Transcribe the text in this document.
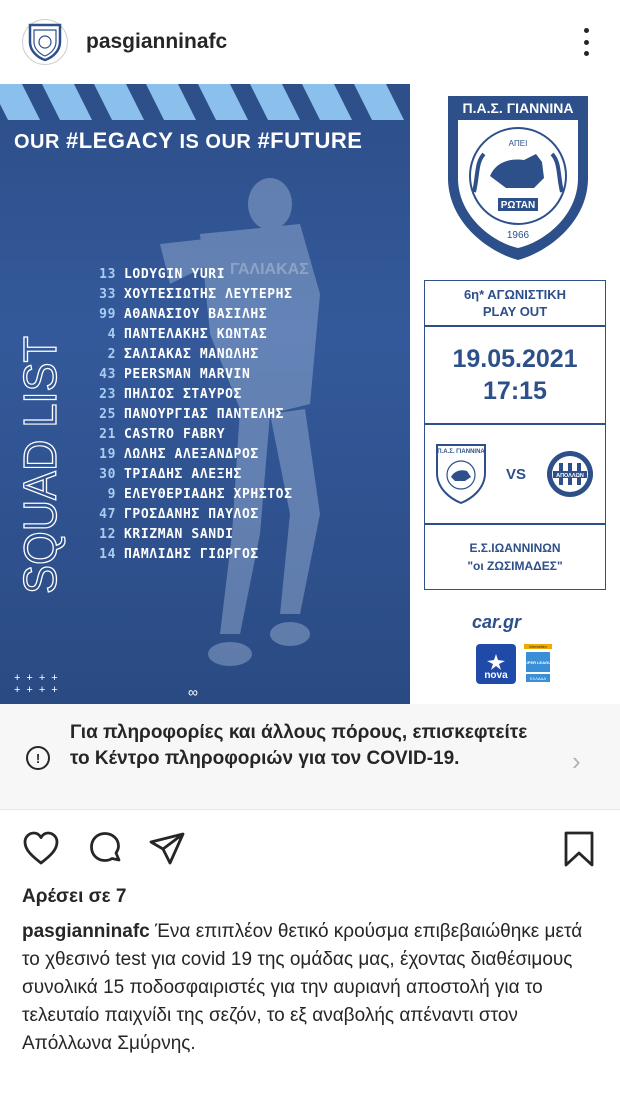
pasgianninafc
OUR #LEGACY IS OUR #FUTURE
ΓΑΛΙΑΚΑΣ
SQUAD LIST
13 LODYGIN YURI
33 ΧΟΥΤΕΣΙΩΤΗΣ ΛΕΥΤΕΡΗΣ
99 ΑΘΑΝΑΣΙΟΥ ΒΑΣΙΛΗΣ
4 ΠΑΝΤΕΛΑΚΗΣ ΚΩΝΤΑΣ
2 ΣΑΛΙΑΚΑΣ ΜΑΝΩΛΗΣ
43 PEERSMAN MARVIN
23 ΠΗΛΙΟΣ ΣΤΑΥΡΟΣ
25 ΠΑΝΟΥΡΓΙΑΣ ΠΑΝΤΕΛΗΣ
21 CASTRO FABRY
19 ΛΩΛΗΣ ΑΛΕΞΑΝΔΡΟΣ
30 ΤΡΙΑΔΗΣ ΑΛΕΞΗΣ
9 ΕΛΕΥΘΕΡΙΑΔΗΣ ΧΡΗΣΤΟΣ
47 ΓΡΟΣΔΑΝΗΣ ΠΑΥΛΟΣ
12 KRIZMAN SANDI
14 ΠΑΜΛΙΔΗΣ ΓΙΩΡΓΟΣ
++++
++++	∞
Π.Α.Σ. ΓΙΑΝΝΙΝΑ
ΑΠΕΙ
ΡΩΤΑΝ
1966
6η* ΑΓΩΝΙΣΤΙΚΗ
PLAY OUT
19.05.2021
17:15
Π.Α.Σ. ΓΙΑΝΝΙΝΑ
VS	ΑΠΟΛΛΩΝ
Ε.Σ.ΙΩΑΝΝΙΝΩΝ
"οι ΖΩΣΙΜΑΔΕΣ"
car.gr
nova
Interwetten
SUPER LEAGUE
ΕΛΛΑΔΑ
!
Για πληροφορίες και άλλους πόρους, επισκεφτείτε το Κέντρο πληροφοριών για τον COVID-19.	›
Αρέσει σε 7
pasgianninafc Ένα επιπλέον θετικό κρούσμα επιβεβαιώθηκε μετά το χθεσινό test για covid 19 της ομάδας μας, έχοντας διαθέσιμους συνολικά 15 ποδοσφαιριστές για την αυριανή αποστολή για το τελευταίο παιχνίδι της σεζόν, το εξ αναβολής απέναντι στον Απόλλωνα Σμύρνης.
